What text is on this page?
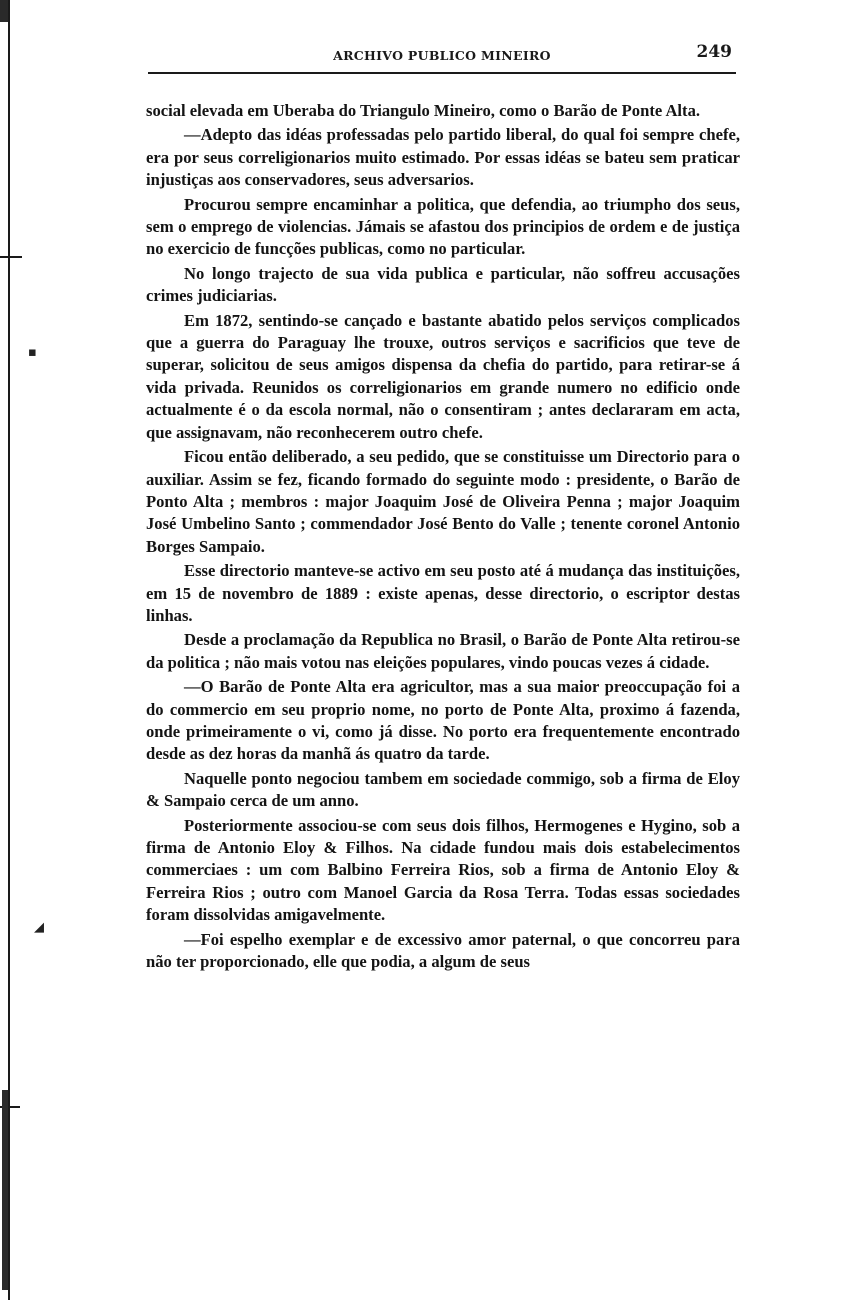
▪
◢
ARCHIVO PUBLICO MINEIRO	249

social elevada em Uberaba do Triangulo Mineiro, como o Barão de Ponte Alta.

—Adepto das idéas professadas pelo partido liberal, do qual foi sempre chefe, era por seus correligionarios muito estimado. Por essas idéas se bateu sem praticar injustiças aos conservadores, seus adversarios.

Procurou sempre encaminhar a politica, que defendia, ao triumpho dos seus, sem o emprego de violencias. Jámais se afastou dos principios de ordem e de justiça no exercicio de funcções publicas, como no particular.

No longo trajecto de sua vida publica e particular, não soffreu accusações crimes judiciarias.

Em 1872, sentindo-se cançado e bastante abatido pelos serviços complicados que a guerra do Paraguay lhe trouxe, outros serviços e sacrificios que teve de superar, solicitou de seus amigos dispensa da chefia do partido, para retirar-se á vida privada. Reunidos os correligionarios em grande numero no edificio onde actualmente é o da escola normal, não o consentiram ; antes declararam em acta, que assignavam, não reconhecerem outro chefe.

Ficou então deliberado, a seu pedido, que se constituisse um Directorio para o auxiliar. Assim se fez, ficando formado do seguinte modo : presidente, o Barão de Ponto Alta ; membros : major Joaquim José de Oliveira Penna ; major Joaquim José Umbelino Santo ; commendador José Bento do Valle ; tenente coronel Antonio Borges Sampaio.

Esse directorio manteve-se activo em seu posto até á mudança das instituições, em 15 de novembro de 1889 : existe apenas, desse directorio, o escriptor destas linhas.

Desde a proclamação da Republica no Brasil, o Barão de Ponte Alta retirou-se da politica ; não mais votou nas eleições populares, vindo poucas vezes á cidade.

—O Barão de Ponte Alta era agricultor, mas a sua maior preoccupação foi a do commercio em seu proprio nome, no porto de Ponte Alta, proximo á fazenda, onde primeiramente o vi, como já disse. No porto era frequentemente encontrado desde as dez horas da manhã ás quatro da tarde.

Naquelle ponto negociou tambem em sociedade commigo, sob a firma de Eloy & Sampaio cerca de um anno.

Posteriormente associou-se com seus dois filhos, Hermogenes e Hygino, sob a firma de Antonio Eloy & Filhos. Na cidade fundou mais dois estabelecimentos commerciaes : um com Balbino Ferreira Rios, sob a firma de Antonio Eloy & Ferreira Rios ; outro com Manoel Garcia da Rosa Terra. Todas essas sociedades foram dissolvidas amigavelmente.

—Foi espelho exemplar e de excessivo amor paternal, o que concorreu para não ter proporcionado, elle que podia, a algum de seus
